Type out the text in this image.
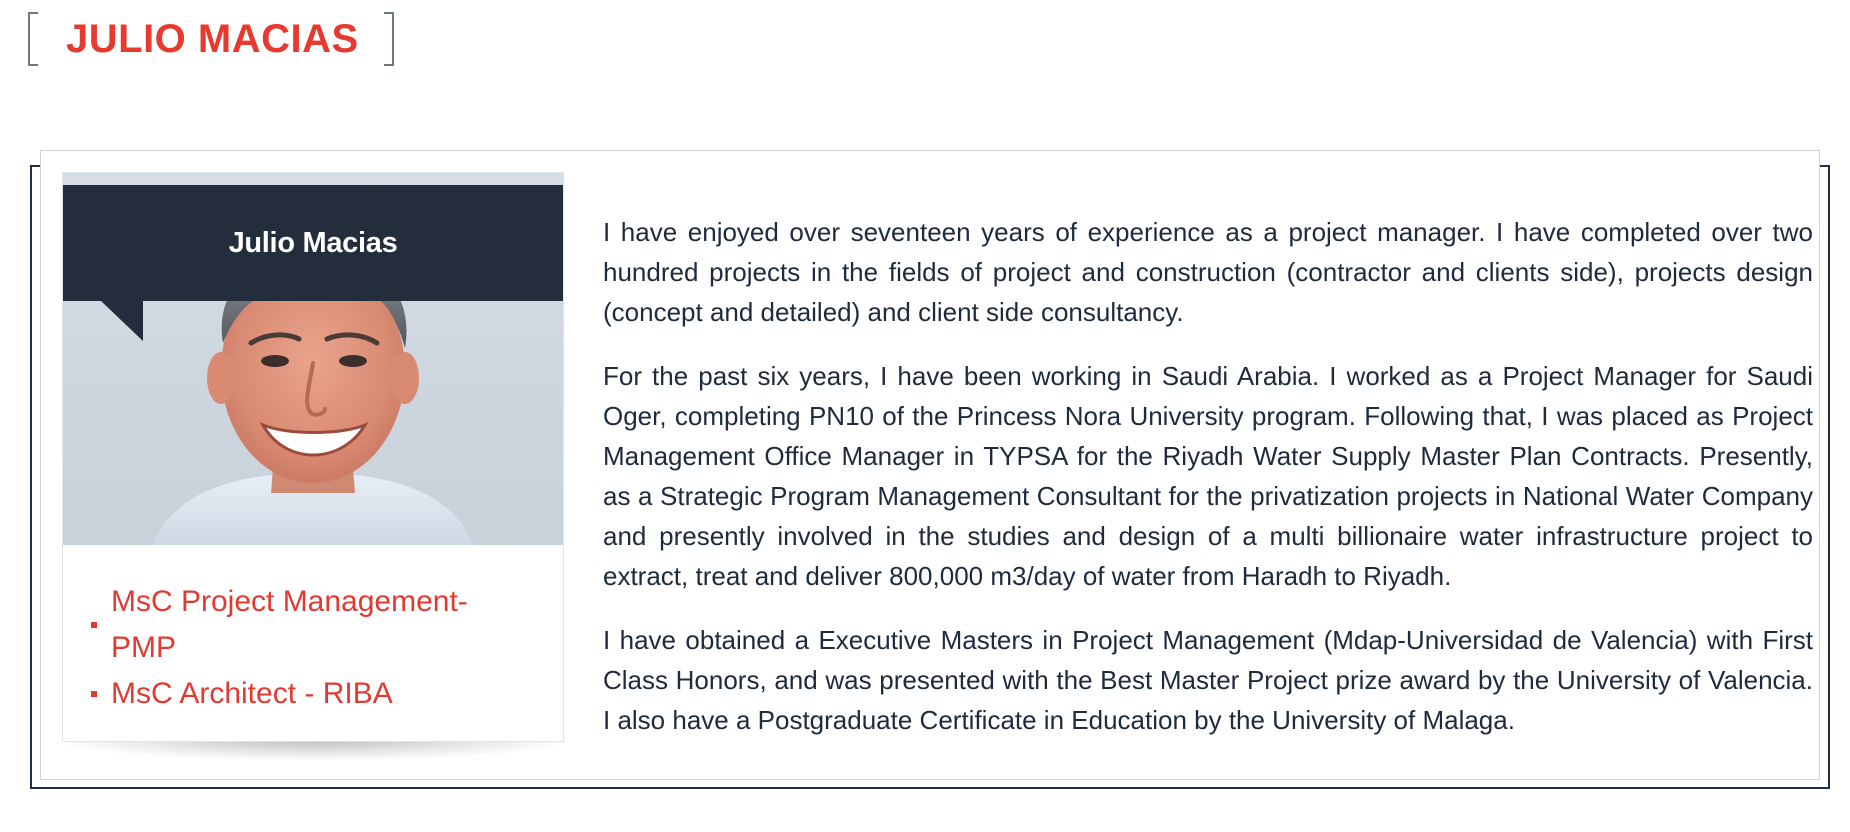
JULIO MACIAS
Julio Macias
MsC Project Management-PMP
MsC Architect - RIBA

I have enjoyed over seventeen years of experience as a project manager. I have completed over two hundred projects in the fields of project and construction (contractor and clients side), projects design (concept and detailed) and client side consultancy.

For the past six years, I have been working in Saudi Arabia. I worked as a Project Manager for Saudi Oger, completing PN10 of the Princess Nora University program. Following that, I was placed as Project Management Office Manager in TYPSA for the Riyadh Water Supply Master Plan Contracts. Presently, as a Strategic Program Management Consultant for the privatization projects in National Water Company and presently involved in the studies and design of a multi billionaire water infrastructure project to extract, treat and deliver 800,000 m3/day of water from Haradh to Riyadh.

I have obtained a Executive Masters in Project Management (Mdap-Universidad de Valencia) with First Class Honors, and was presented with the Best Master Project prize award by the University of Valencia. I also have a Postgraduate Certificate in Education by the University of Malaga.
